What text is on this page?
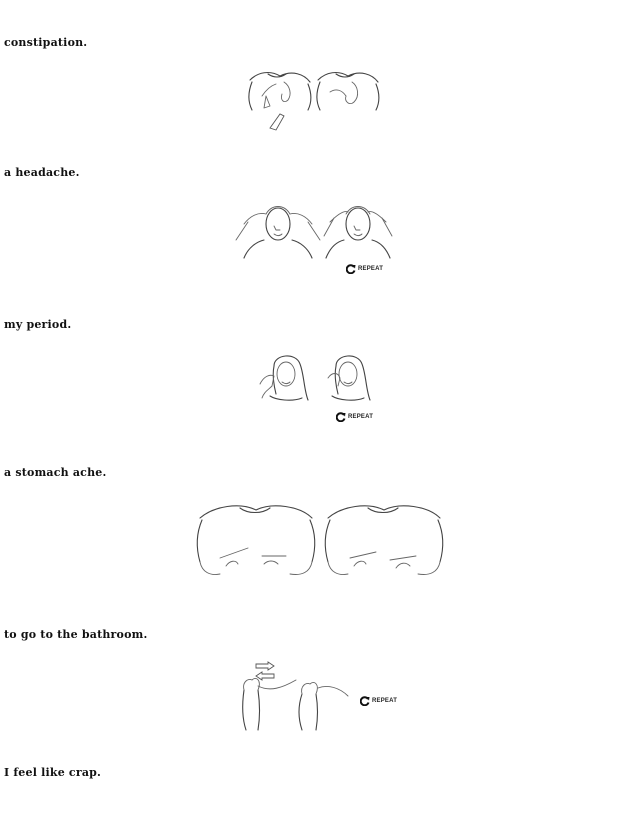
constipation.

a headache.

REPEAT

my period.

REPEAT

a stomach ache.

to go to the bathroom.

REPEAT

I feel like crap.
